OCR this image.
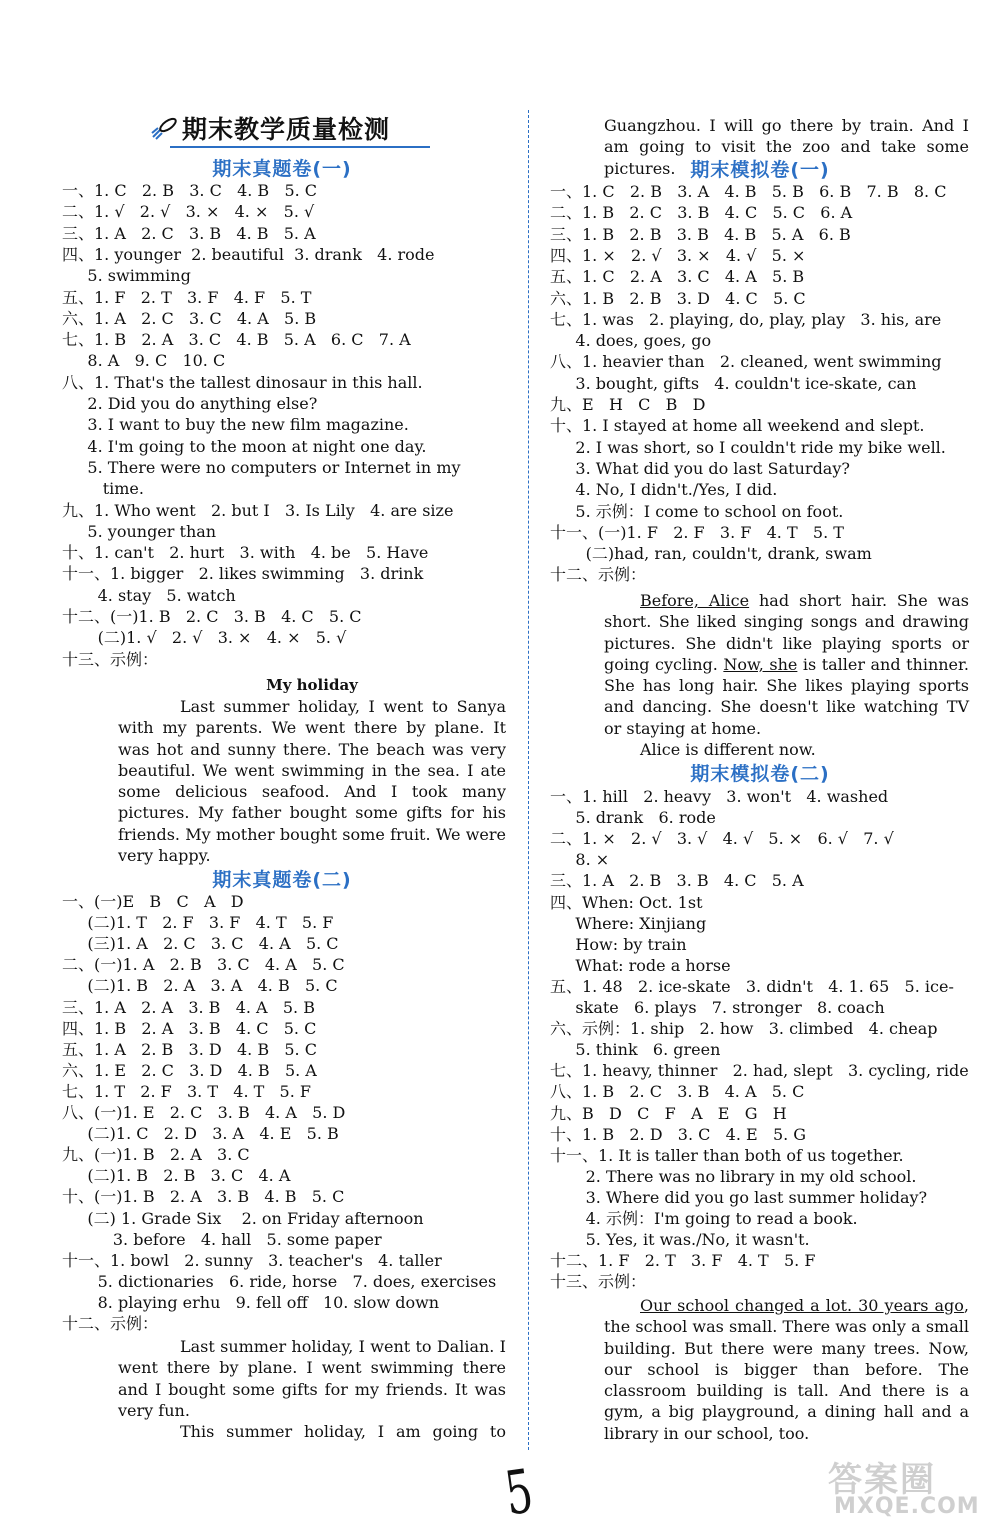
期末教学质量检测
期末真题卷(一)
一、1. C   2. B   3. C   4. B   5. C
二、1. √   2. √   3. ×   4. ×   5. √
三、1. A   2. C   3. B   4. B   5. A
四、1. younger  2. beautiful  3. drank   4. rode
5. swimming
五、1. F   2. T   3. F   4. F   5. T
六、1. A   2. C   3. C   4. A   5. B
七、1. B   2. A   3. C   4. B   5. A   6. C   7. A
8. A   9. C   10. C
八、1. That's the tallest dinosaur in this hall.
2. Did you do anything else?
3. I want to buy the new film magazine.
4. I'm going to the moon at night one day.
5. There were no computers or Internet in my
time.
九、1. Who went   2. but I   3. Is Lily   4. are size
5. younger than
十、1. can't   2. hurt   3. with   4. be   5. Have
十一、1. bigger   2. likes swimming   3. drink
4. stay   5. watch
十二、(一)1. B   2. C   3. B   4. C   5. C
(二)1. √   2. √   3. ×   4. ×   5. √
十三、示例：
My holiday
Last summer holiday, I went to Sanya with my parents. We went there by plane. It was hot and sunny there. The beach was very beautiful. We went swimming in the sea. I ate some delicious seafood. And I took many pictures. My father bought some gifts for his friends. My mother bought some fruit. We were very happy.
期末真题卷(二)
一、(一)E   B   C   A   D
(二)1. T   2. F   3. F   4. T   5. F
(三)1. A   2. C   3. C   4. A   5. C
二、(一)1. A   2. B   3. C   4. A   5. C
(二)1. B   2. A   3. A   4. B   5. C
三、1. A   2. A   3. B   4. A   5. B
四、1. B   2. A   3. B   4. C   5. C
五、1. A   2. B   3. D   4. B   5. C
六、1. E   2. C   3. D   4. B   5. A
七、1. T   2. F   3. T   4. T   5. F
八、(一)1. E   2. C   3. B   4. A   5. D
(二)1. C   2. D   3. A   4. E   5. B
九、(一)1. B   2. A   3. C
(二)1. B   2. B   3. C   4. A
十、(一)1. B   2. A   3. B   4. B   5. C
(二) 1. Grade Six    2. on Friday afternoon
3. before   4. hall   5. some paper
十一、1. bowl   2. sunny   3. teacher's   4. taller
5. dictionaries   6. ride, horse   7. does, exercises
8. playing erhu   9. fell off   10. slow down
十二、示例：
Last summer holiday, I went to Dalian. I went there by plane. I went swimming there and I bought some gifts for my friends. It was very fun.
This summer holiday, I am going to
Guangzhou. I will go there by train. And I am going to visit the zoo and take some pictures. 期末模拟卷(一)
一、1. C   2. B   3. A   4. B   5. B   6. B   7. B   8. C
二、1. B   2. C   3. B   4. C   5. C   6. A
三、1. B   2. B   3. B   4. B   5. A   6. B
四、1. ×   2. √   3. ×   4. √   5. ×
五、1. C   2. A   3. C   4. A   5. B
六、1. B   2. B   3. D   4. C   5. C
七、1. was   2. playing, do, play, play   3. his, are
4. does, goes, go
八、1. heavier than   2. cleaned, went swimming
3. bought, gifts   4. couldn't ice-skate, can
九、E   H   C   B   D
十、1. I stayed at home all weekend and slept.
2. I was short, so I couldn't ride my bike well.
3. What did you do last Saturday?
4. No, I didn't./Yes, I did.
5. 示例：I come to school on foot.
十一、(一)1. F   2. F   3. F   4. T   5. T
(二)had, ran, couldn't, drank, swam
十二、示例：
Before, Alice had short hair. She was short. She liked singing songs and drawing pictures. She didn't like playing sports or going cycling. Now, she is taller and thinner. She has long hair. She likes playing sports and dancing. She doesn't like watching TV or staying at home.
Alice is different now.
期末模拟卷(二)
一、1. hill   2. heavy   3. won't   4. washed
5. drank   6. rode
二、1. ×   2. √   3. √   4. √   5. ×   6. √   7. √
8. ×
三、1. A   2. B   3. B   4. C   5. A
四、When: Oct. 1st
Where: Xinjiang
How: by train
What: rode a horse
五、1. 48   2. ice-skate   3. didn't   4. 1. 65   5. ice-
skate   6. plays   7. stronger   8. coach
六、示例：1. ship   2. how   3. climbed   4. cheap
5. think   6. green
七、1. heavy, thinner   2. had, slept   3. cycling, ride
八、1. B   2. C   3. B   4. A   5. C
九、B   D   C   F   A   E   G   H
十、1. B   2. D   3. C   4. E   5. G
十一、1. It is taller than both of us together.
2. There was no library in my old school.
3. Where did you go last summer holiday?
4. 示例：I'm going to read a book.
5. Yes, it was./No, it wasn't.
十二、1. F   2. T   3. F   4. T   5. F
十三、示例：
Our school changed a lot. 30 years ago, the school was small. There was only a small building. But there were many trees. Now, our school is bigger than before. The classroom building is tall. And there is a gym, a big playground, a dining hall and a library in our school, too.
5	答案圈
MXQE.COM
